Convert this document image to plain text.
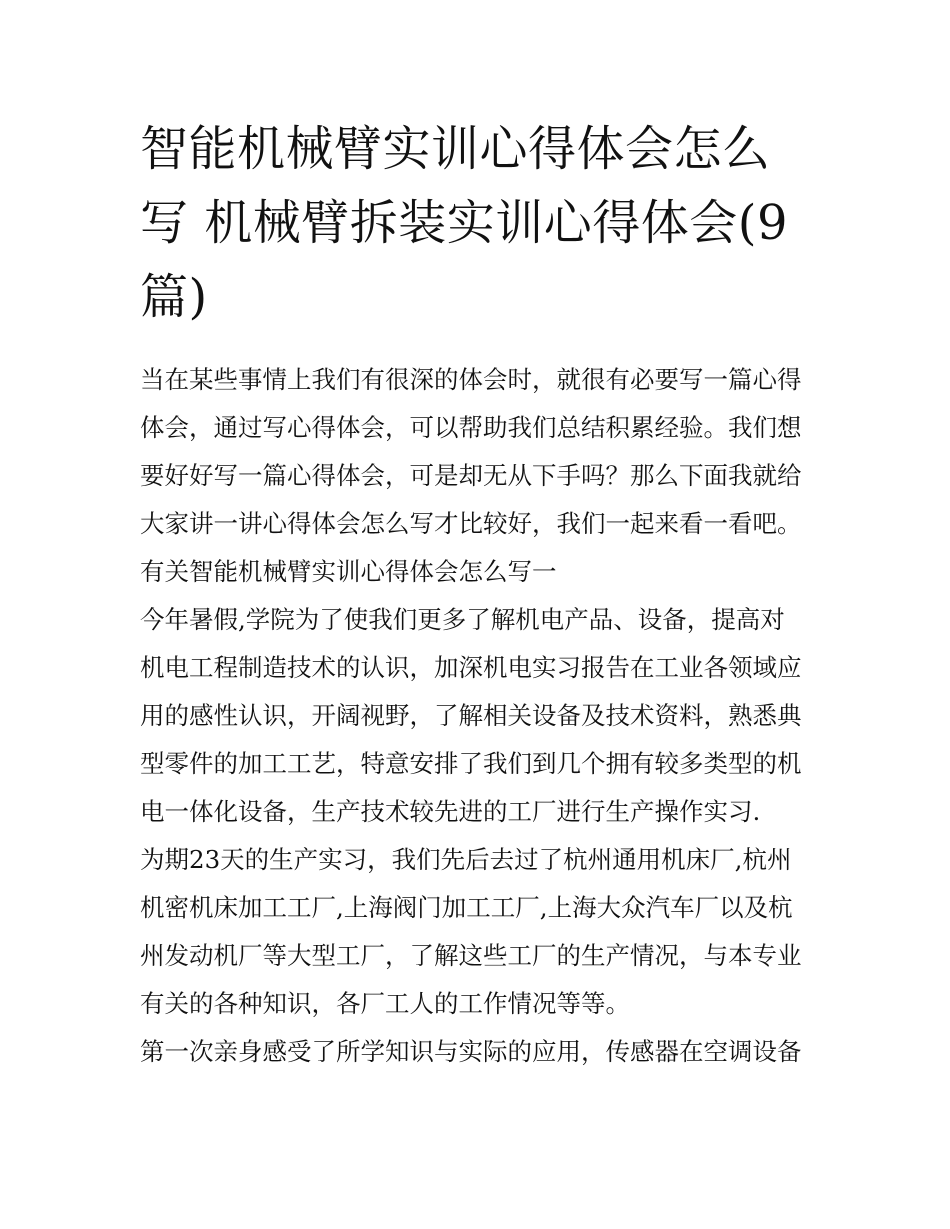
智能机械臂实训心得体会怎么
写 机械臂拆装实训心得体会(9
篇)
当在某些事情上我们有很深的体会时，就很有必要写一篇心得
体会，通过写心得体会，可以帮助我们总结积累经验。我们想
要好好写一篇心得体会，可是却无从下手吗？那么下面我就给
大家讲一讲心得体会怎么写才比较好，我们一起来看一看吧。
有关智能机械臂实训心得体会怎么写一
今年暑假,学院为了使我们更多了解机电产品、设备，提高对
机电工程制造技术的认识，加深机电实习报告在工业各领域应
用的感性认识，开阔视野，了解相关设备及技术资料，熟悉典
型零件的加工工艺，特意安排了我们到几个拥有较多类型的机
电一体化设备，生产技术较先进的工厂进行生产操作实习.
为期23天的生产实习，我们先后去过了杭州通用机床厂,杭州
机密机床加工工厂,上海阀门加工工厂,上海大众汽车厂以及杭
州发动机厂等大型工厂，了解这些工厂的生产情况，与本专业
有关的各种知识，各厂工人的工作情况等等。
第一次亲身感受了所学知识与实际的应用，传感器在空调设备
